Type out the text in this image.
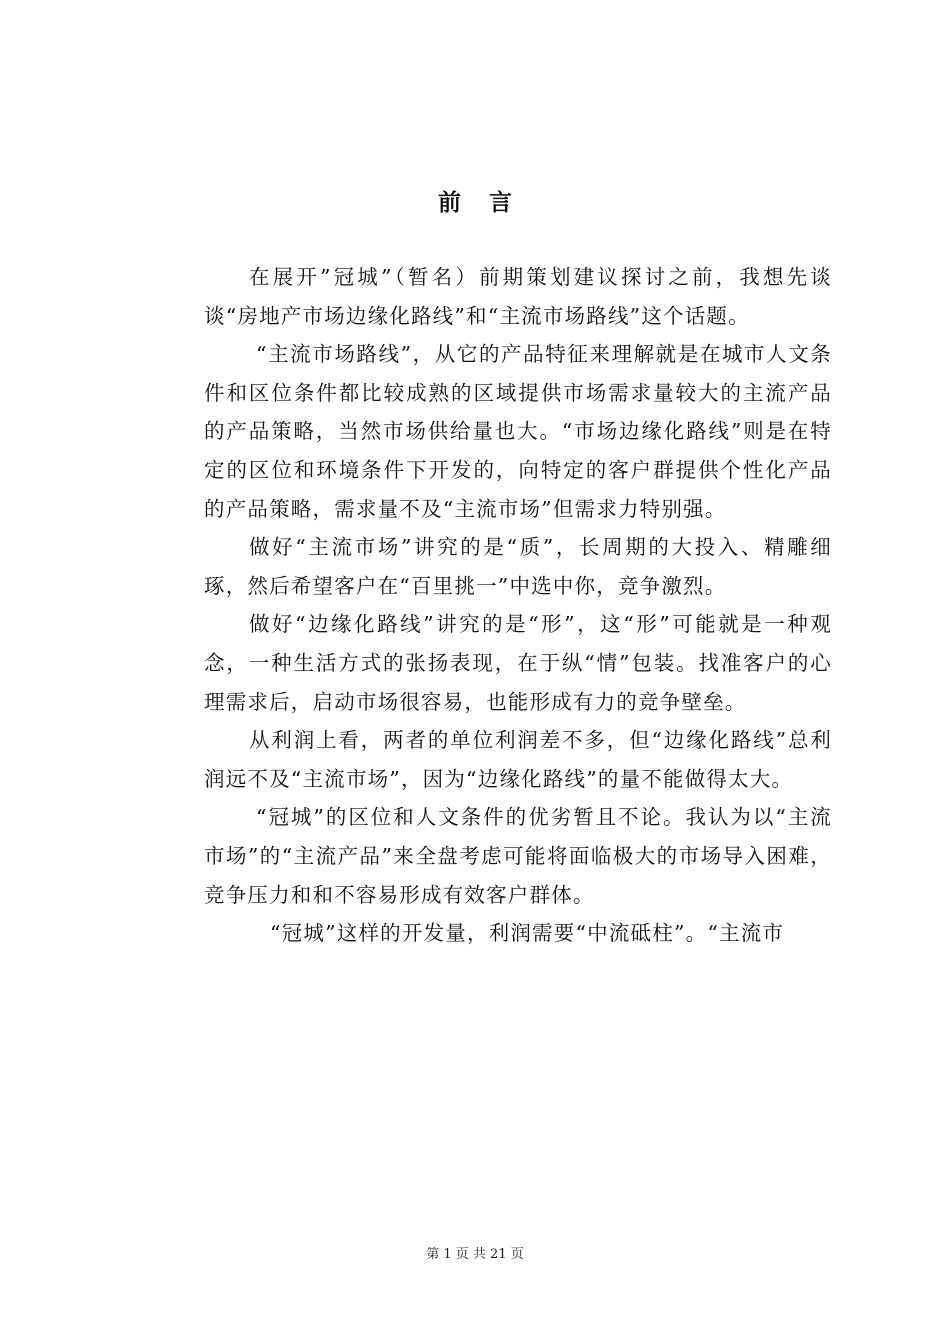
前言

在展开”冠城”（暂名）前期策划建议探讨之前，我想先谈谈“房地产市场边缘化路线”和“主流市场路线”这个话题。

“主流市场路线”，从它的产品特征来理解就是在城市人文条件和区位条件都比较成熟的区域提供市场需求量较大的主流产品的产品策略，当然市场供给量也大。“市场边缘化路线”则是在特定的区位和环境条件下开发的，向特定的客户群提供个性化产品的产品策略，需求量不及“主流市场”但需求力特别强。

做好“主流市场”讲究的是“质”，长周期的大投入、精雕细琢，然后希望客户在“百里挑一”中选中你，竞争激烈。

做好“边缘化路线”讲究的是“形”，这“形”可能就是一种观念，一种生活方式的张扬表现，在于纵“情”包装。找准客户的心理需求后，启动市场很容易，也能形成有力的竞争壁垒。

从利润上看，两者的单位利润差不多，但“边缘化路线”总利润远不及“主流市场”，因为“边缘化路线”的量不能做得太大。

“冠城”的区位和人文条件的优劣暂且不论。我认为以“主流市场”的“主流产品”来全盘考虑可能将面临极大的市场导入困难，竞争压力和和不容易形成有效客户群体。

“冠城”这样的开发量，利润需要“中流砥柱”。“主流市

第 1 页 共 21 页
